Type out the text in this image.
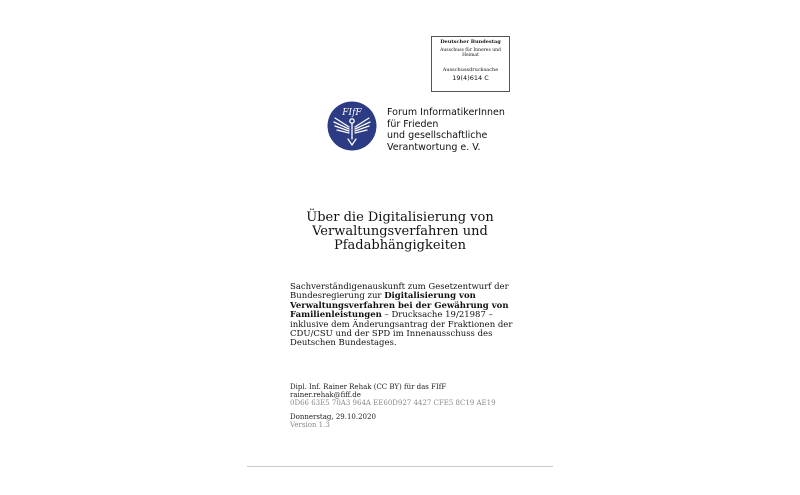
Deutscher Bundestag
Ausschuss für Inneres und Heimat
Ausschussdrucksache
19(4)614 C
FIfF	Forum InformatikerInnen
für Frieden
und gesellschaftliche
Verantwortung e. V.
Über die Digitalisierung von
Verwaltungsverfahren und
Pfadabhängigkeiten
Sachverständigenauskunft zum Gesetzentwurf der Bundesregierung zur Digitalisierung von Verwaltungsverfahren bei der Gewährung von Familienleistungen – Drucksache 19/21987 – inklusive dem Änderungsantrag der Fraktionen der CDU/CSU und der SPD im Innenausschuss des Deutschen Bundestages.
Dipl. Inf. Rainer Rehak (CC BY) für das FIfF
rainer.rehak@fiff.de
0D66 63E5 70A3 964A EE60D927 4427 CFE5 8C19 AE19
Donnerstag, 29.10.2020
Version 1.3
